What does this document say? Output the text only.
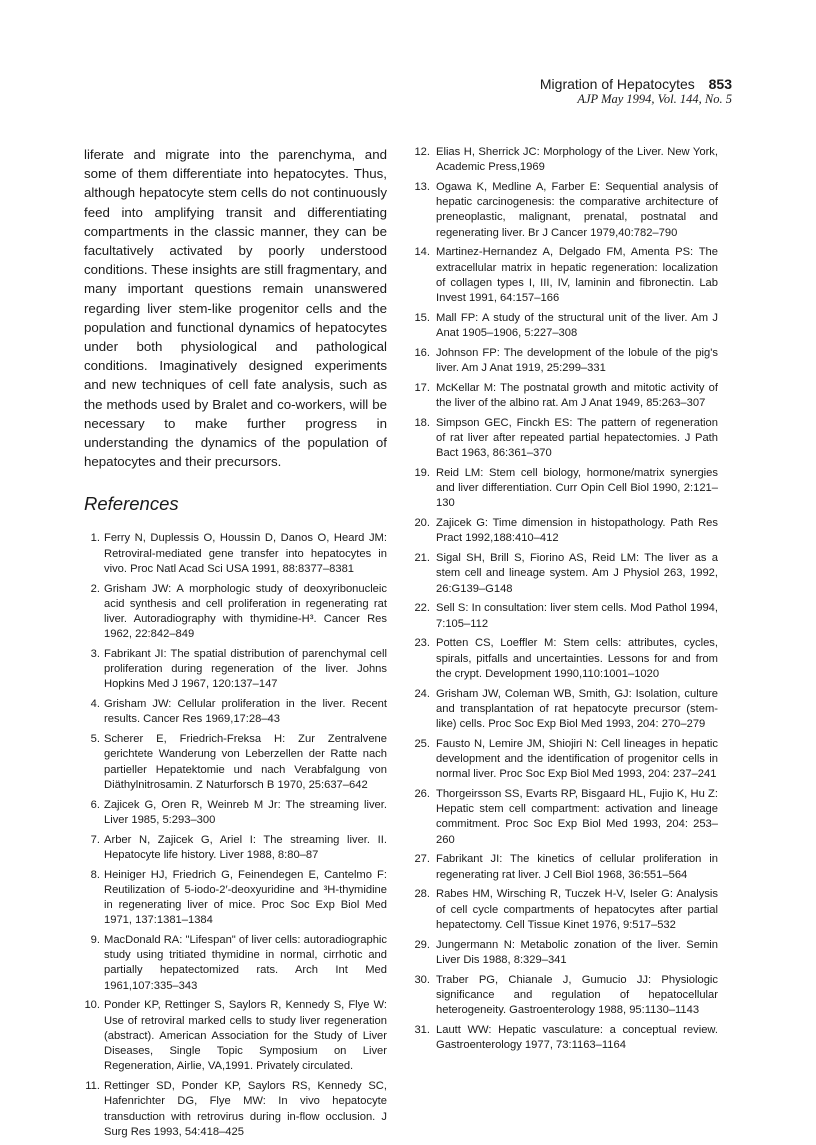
Migration of Hepatocytes 853
AJP May 1994, Vol. 144, No. 5

liferate and migrate into the parenchyma, and some of them differentiate into hepatocytes. Thus, although hepatocyte stem cells do not continuously feed into amplifying transit and differentiating compartments in the classic manner, they can be facultatively activated by poorly understood conditions. These insights are still fragmentary, and many important questions remain unanswered regarding liver stem-like progenitor cells and the population and functional dynamics of hepatocytes under both physiological and pathological conditions. Imaginatively designed experiments and new techniques of cell fate analysis, such as the methods used by Bralet and co-workers, will be necessary to make further progress in understanding the dynamics of the population of hepatocytes and their precursors.

References
1. Ferry N, Duplessis O, Houssin D, Danos O, Heard JM: Retroviral-mediated gene transfer into hepatocytes in vivo. Proc Natl Acad Sci USA 1991, 88:8377–8381
2. Grisham JW: A morphologic study of deoxyribonucleic acid synthesis and cell proliferation in regenerating rat liver. Autoradiography with thymidine-H³. Cancer Res 1962, 22:842–849
3. Fabrikant JI: The spatial distribution of parenchymal cell proliferation during regeneration of the liver. Johns Hopkins Med J 1967, 120:137–147
4. Grisham JW: Cellular proliferation in the liver. Recent results. Cancer Res 1969,17:28–43
5. Scherer E, Friedrich-Freksa H: Zur Zentralvene gerichtete Wanderung von Leberzellen der Ratte nach partieller Hepatektomie und nach Verabfalgung von Diäthylnitrosamin. Z Naturforsch B 1970, 25:637–642
6. Zajicek G, Oren R, Weinreb M Jr: The streaming liver. Liver 1985, 5:293–300
7. Arber N, Zajicek G, Ariel I: The streaming liver. II. Hepatocyte life history. Liver 1988, 8:80–87
8. Heiniger HJ, Friedrich G, Feinendegen E, Cantelmo F: Reutilization of 5-iodo-2′-deoxyuridine and ³H-thymidine in regenerating liver of mice. Proc Soc Exp Biol Med 1971, 137:1381–1384
9. MacDonald RA: "Lifespan" of liver cells: autoradiographic study using tritiated thymidine in normal, cirrhotic and partially hepatectomized rats. Arch Int Med 1961,107:335–343
10. Ponder KP, Rettinger S, Saylors R, Kennedy S, Flye W: Use of retroviral marked cells to study liver regeneration (abstract). American Association for the Study of Liver Diseases, Single Topic Symposium on Liver Regeneration, Airlie, VA,1991. Privately circulated.
11. Rettinger SD, Ponder KP, Saylors RS, Kennedy SC, Hafenrichter DG, Flye MW: In vivo hepatocyte transduction with retrovirus during in-flow occlusion. J Surg Res 1993, 54:418–425
12. Elias H, Sherrick JC: Morphology of the Liver. New York, Academic Press,1969
13. Ogawa K, Medline A, Farber E: Sequential analysis of hepatic carcinogenesis: the comparative architecture of preneoplastic, malignant, prenatal, postnatal and regenerating liver. Br J Cancer 1979,40:782–790
14. Martinez-Hernandez A, Delgado FM, Amenta PS: The extracellular matrix in hepatic regeneration: localization of collagen types I, III, IV, laminin and fibronectin. Lab Invest 1991, 64:157–166
15. Mall FP: A study of the structural unit of the liver. Am J Anat 1905–1906, 5:227–308
16. Johnson FP: The development of the lobule of the pig's liver. Am J Anat 1919, 25:299–331
17. McKellar M: The postnatal growth and mitotic activity of the liver of the albino rat. Am J Anat 1949, 85:263–307
18. Simpson GEC, Finckh ES: The pattern of regeneration of rat liver after repeated partial hepatectomies. J Path Bact 1963, 86:361–370
19. Reid LM: Stem cell biology, hormone/matrix synergies and liver differentiation. Curr Opin Cell Biol 1990, 2:121–130
20. Zajicek G: Time dimension in histopathology. Path Res Pract 1992,188:410–412
21. Sigal SH, Brill S, Fiorino AS, Reid LM: The liver as a stem cell and lineage system. Am J Physiol 263, 1992, 26:G139–G148
22. Sell S: In consultation: liver stem cells. Mod Pathol 1994, 7:105–112
23. Potten CS, Loeffler M: Stem cells: attributes, cycles, spirals, pitfalls and uncertainties. Lessons for and from the crypt. Development 1990,110:1001–1020
24. Grisham JW, Coleman WB, Smith, GJ: Isolation, culture and transplantation of rat hepatocyte precursor (stem-like) cells. Proc Soc Exp Biol Med 1993, 204: 270–279
25. Fausto N, Lemire JM, Shiojiri N: Cell lineages in hepatic development and the identification of progenitor cells in normal liver. Proc Soc Exp Biol Med 1993, 204: 237–241
26. Thorgeirsson SS, Evarts RP, Bisgaard HL, Fujio K, Hu Z: Hepatic stem cell compartment: activation and lineage commitment. Proc Soc Exp Biol Med 1993, 204: 253–260
27. Fabrikant JI: The kinetics of cellular proliferation in regenerating rat liver. J Cell Biol 1968, 36:551–564
28. Rabes HM, Wirsching R, Tuczek H-V, Iseler G: Analysis of cell cycle compartments of hepatocytes after partial hepatectomy. Cell Tissue Kinet 1976, 9:517–532
29. Jungermann N: Metabolic zonation of the liver. Semin Liver Dis 1988, 8:329–341
30. Traber PG, Chianale J, Gumucio JJ: Physiologic significance and regulation of hepatocellular heterogeneity. Gastroenterology 1988, 95:1130–1143
31. Lautt WW: Hepatic vasculature: a conceptual review. Gastroenterology 1977, 73:1163–1164
